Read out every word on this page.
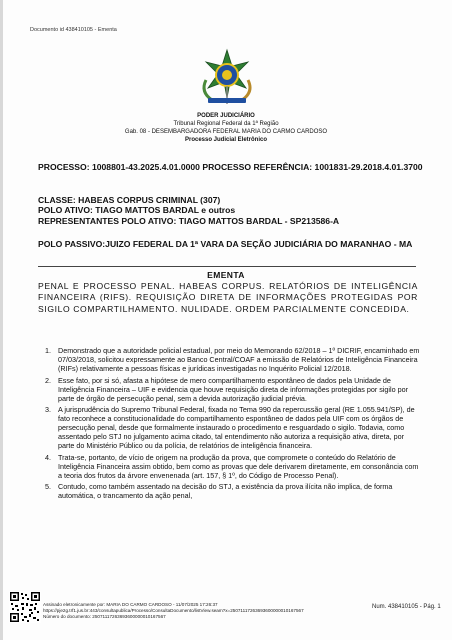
Documento id 438410105 - Ementa
PODER JUDICIÁRIO
Tribunal Regional Federal da 1ª Região
Gab. 08 - DESEMBARGADORA FEDERAL MARIA DO CARMO CARDOSO
Processo Judicial Eletrônico
PROCESSO: 1008801-43.2025.4.01.0000 PROCESSO REFERÊNCIA: 1001831-29.2018.4.01.3700
CLASSE: HABEAS CORPUS CRIMINAL (307)
POLO ATIVO: TIAGO MATTOS BARDAL e outros
REPRESENTANTES POLO ATIVO: TIAGO MATTOS BARDAL - SP213586-A
POLO PASSIVO:JUIZO FEDERAL DA 1ª VARA DA SEÇÃO JUDICIÁRIA DO MARANHAO - MA
EMENTA
PENAL E PROCESSO PENAL. HABEAS CORPUS. RELATÓRIOS DE INTELIGÊNCIA FINANCEIRA (RIFS). REQUISIÇÃO DIRETA DE INFORMAÇÕES PROTEGIDAS POR SIGILO COMPARTILHAMENTO. NULIDADE. ORDEM PARCIALMENTE CONCEDIDA.
1. Demonstrado que a autoridade policial estadual, por meio do Memorando 62/2018 – 1º DICRIF, encaminhado em 07/03/2018, solicitou expressamente ao Banco Central/COAF a emissão de Relatórios de Inteligência Financeira (RIFs) relativamente a pessoas físicas e jurídicas investigadas no Inquérito Policial 12/2018.
2. Esse fato, por si só, afasta a hipótese de mero compartilhamento espontâneo de dados pela Unidade de Inteligência Financeira – UIF e evidencia que houve requisição direta de informações protegidas por sigilo por parte de órgão de persecução penal, sem a devida autorização judicial prévia.
3. A jurisprudência do Supremo Tribunal Federal, fixada no Tema 990 da repercussão geral (RE 1.055.941/SP), de fato reconhece a constitucionalidade do compartilhamento espontâneo de dados pela UIF com os órgãos de persecução penal, desde que formalmente instaurado o procedimento e resguardado o sigilo. Todavia, como assentado pelo STJ no julgamento acima citado, tal entendimento não autoriza a requisição ativa, direta, por parte do Ministério Público ou da polícia, de relatórios de inteligência financeira.
4. Trata-se, portanto, de vício de origem na produção da prova, que compromete o conteúdo do Relatório de Inteligência Financeira assim obtido, bem como as provas que dele derivarem diretamente, em consonância com a teoria dos frutos da árvore envenenada (art. 157, § 1º, do Código de Processo Penal).
5. Contudo, como também assentado na decisão do STJ, a existência da prova ilícita não implica, de forma automática, o trancamento da ação penal,
Assinado eletronicamente por: MARIA DO CARMO CARDOSO - 11/07/2025 17:26:37
https://pje2g.trf1.jus.br:443/consultapublica/Processo/ConsultaDocumento/listView.seam?x=25071117263693600000010167567
Número do documento: 25071117263693600000010167567
Num. 438410105 - Pág. 1
